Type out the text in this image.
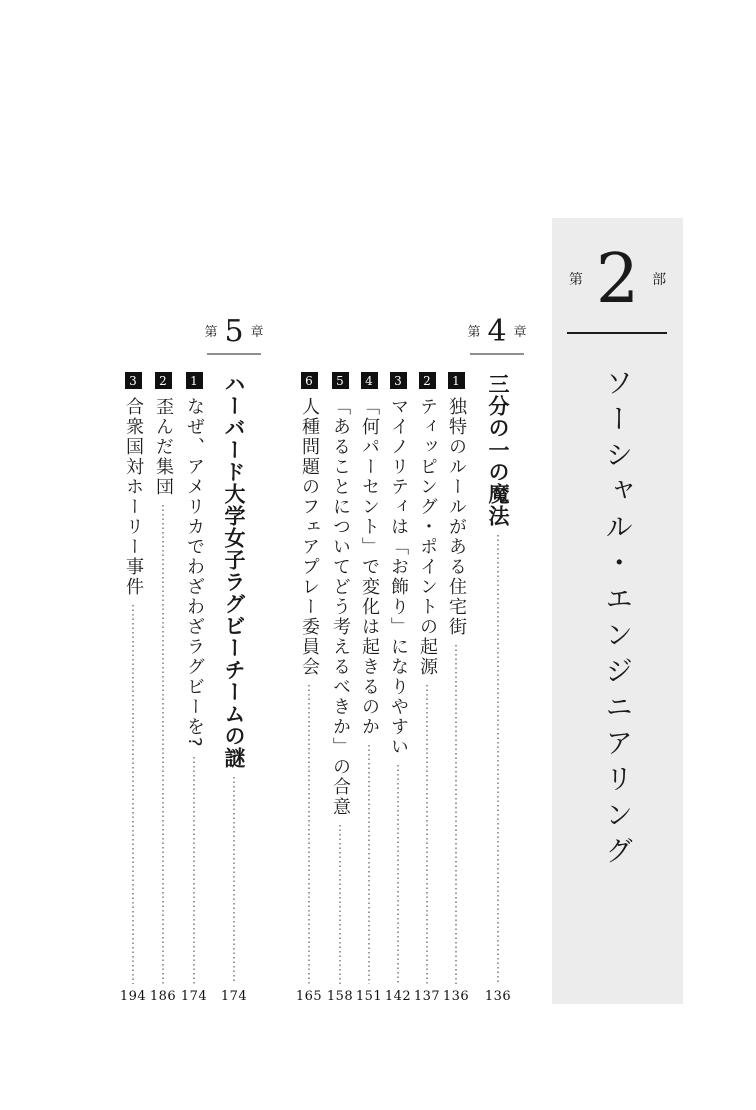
第 2 部
ソーシャル・エンジニアリング
第 4 章
三分の一の魔法
136
1
独特のルールがある住宅街
136
2
ティッピング・ポイントの起源
137
3
マイノリティは「お飾り」になりやすい
142
4
「何パーセント」で変化は起きるのか
151
5
「あることについてどう考えるべきか」の合意
158
6
人種問題のフェアプレー委員会
165
第 5 章
ハーバード大学女子ラグビーチームの謎
174
1
なぜ、アメリカでわざわざラグビーを?
174
2
歪んだ集団
186
3
合衆国対ホーリー事件
194
